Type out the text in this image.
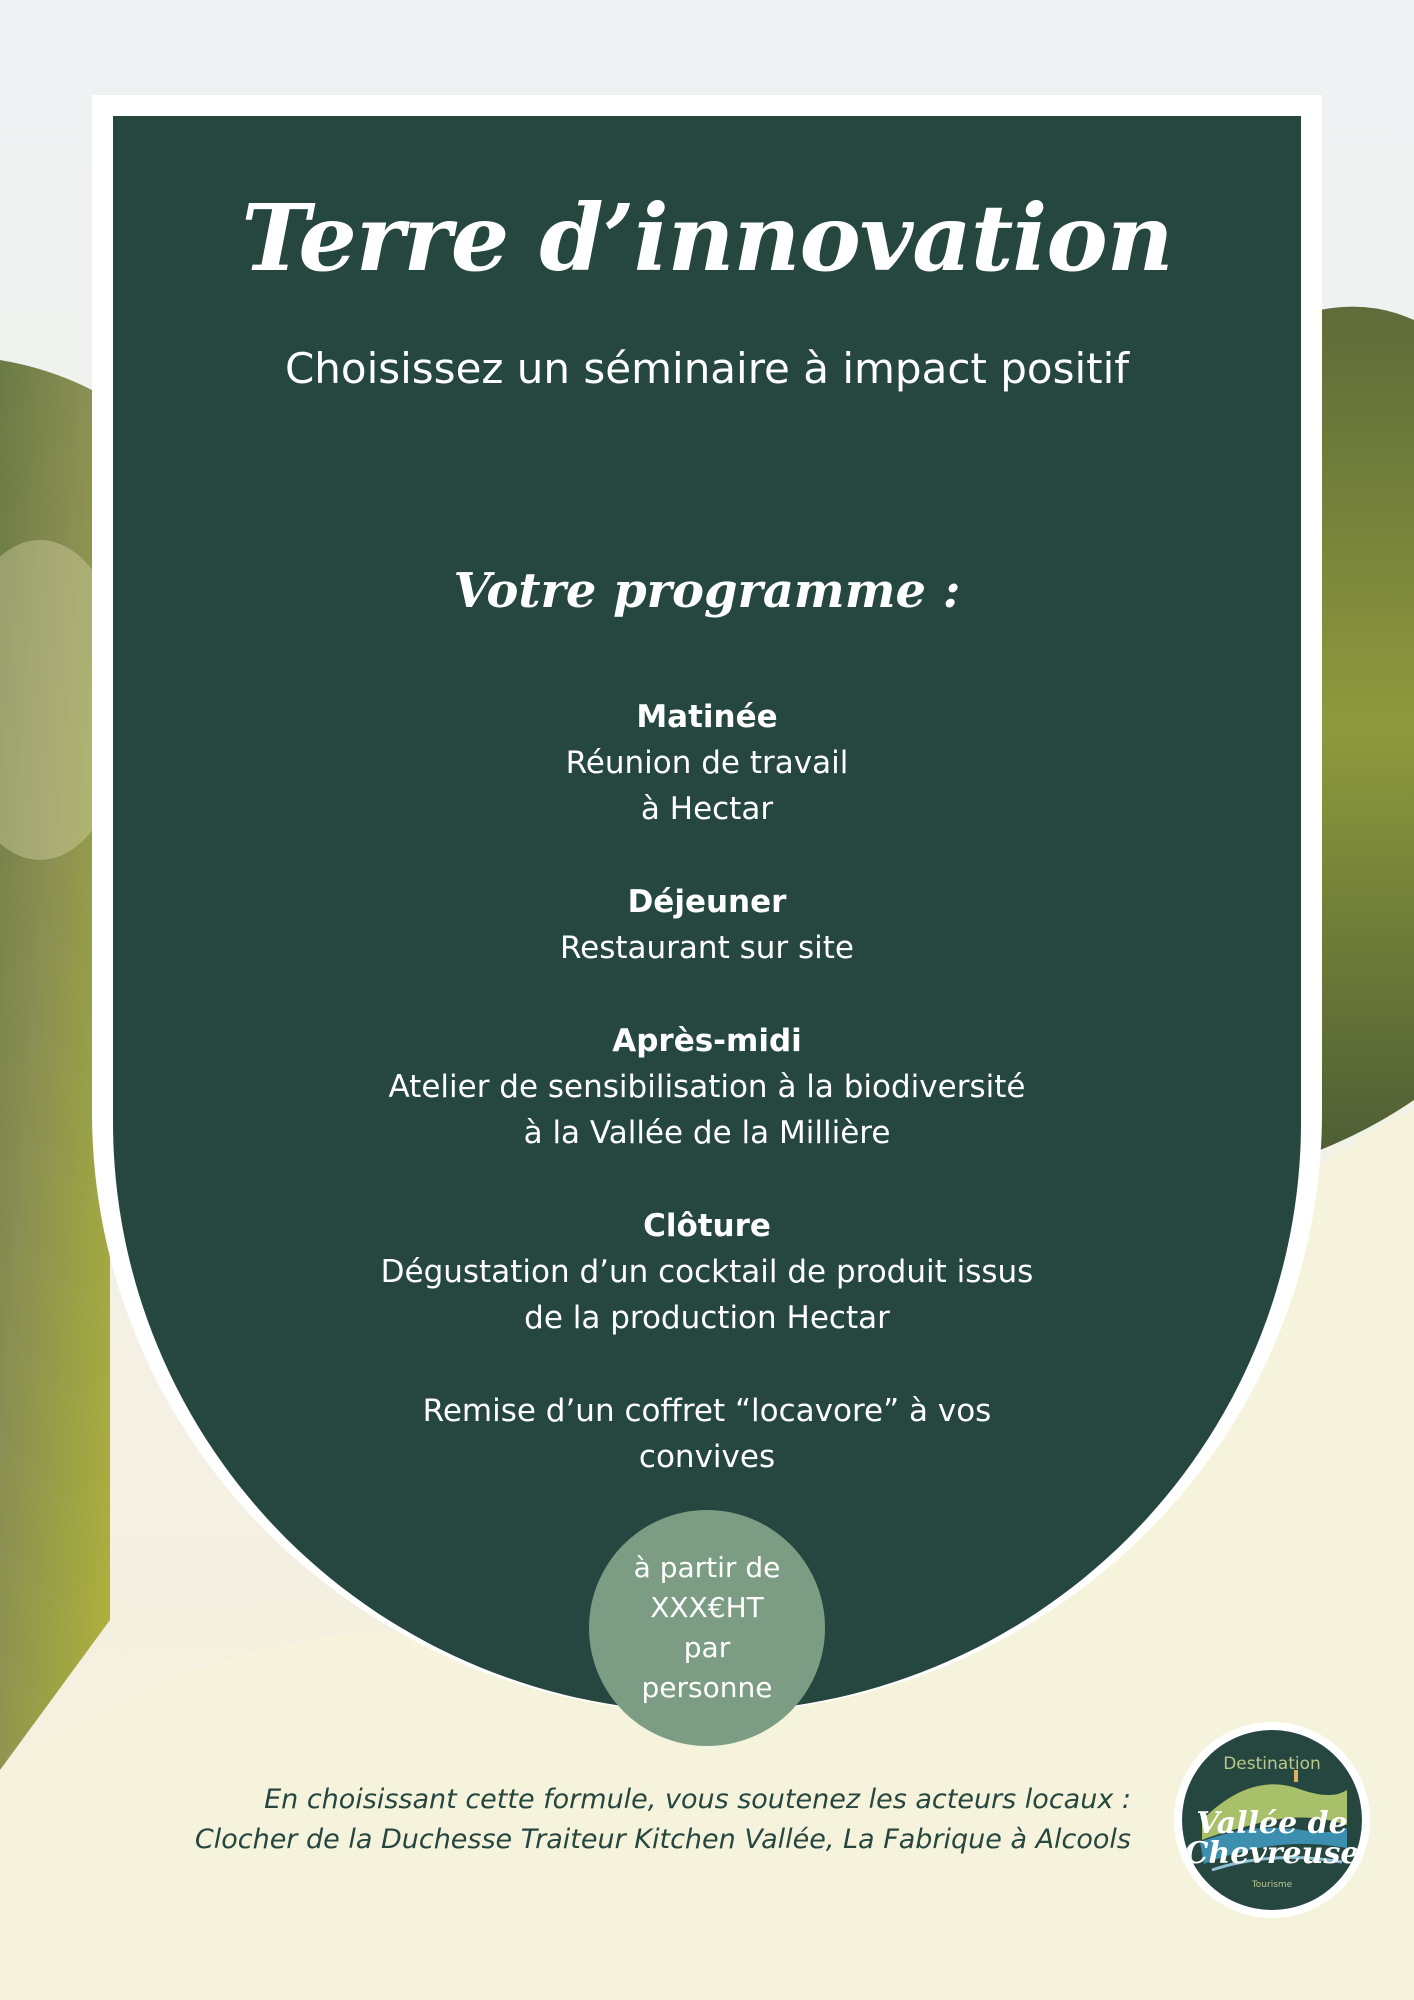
Terre d’innovation
Choisissez un séminaire à impact positif
Votre programme :
Matinée
Réunion de travail
à Hectar
Déjeuner
Restaurant sur site
Après-midi
Atelier de sensibilisation à la biodiversité
à la Vallée de la Millière
Clôture
Dégustation d’un cocktail de produit issus
de la production Hectar
Remise d’un coffret “locavore” à vos convives
à partir de
XXX€HT
par
personne
En choisissant cette formule, vous soutenez les acteurs locaux :
Clocher de la Duchesse Traiteur Kitchen Vallée, La Fabrique à Alcools
Destination
Vallée de
Chevreuse
Tourisme
